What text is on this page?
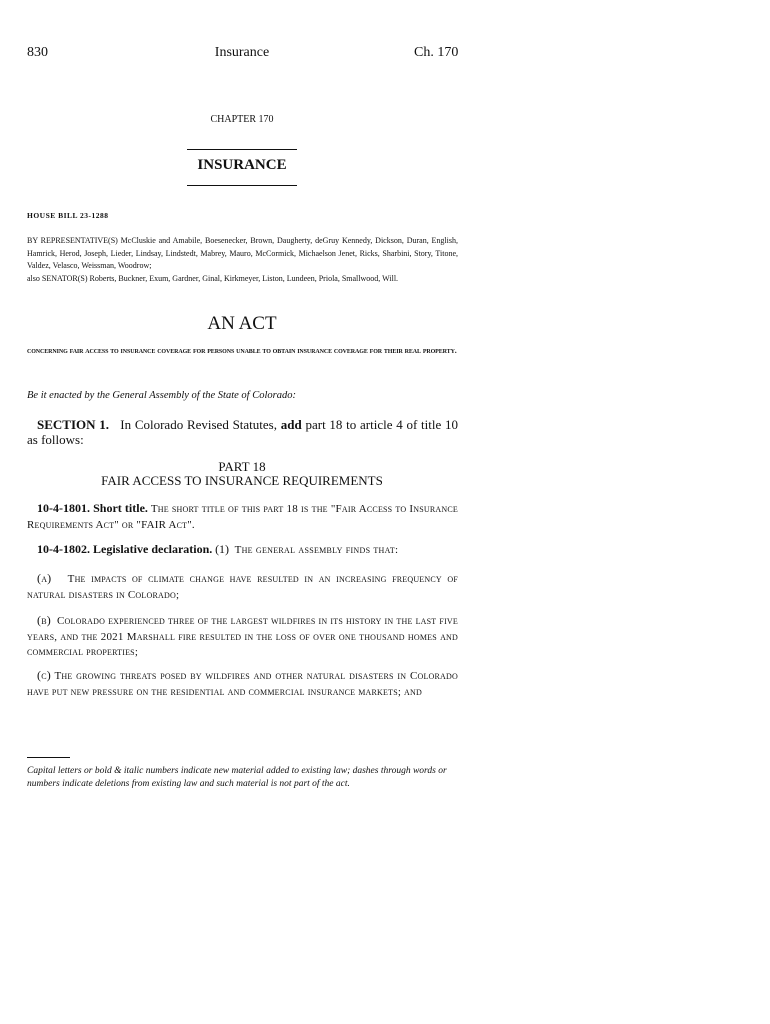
830	Insurance	Ch. 170
CHAPTER 170
INSURANCE
HOUSE BILL 23-1288
BY REPRESENTATIVE(S) McCluskie and Amabile, Boesenecker, Brown, Daugherty, deGruy Kennedy, Dickson, Duran, English, Hamrick, Herod, Joseph, Lieder, Lindsay, Lindstedt, Mabrey, Mauro, McCormick, Michaelson Jenet, Ricks, Sharbini, Story, Titone, Valdez, Velasco, Weissman, Woodrow;
also SENATOR(S) Roberts, Buckner, Exum, Gardner, Ginal, Kirkmeyer, Liston, Lundeen, Priola, Smallwood, Will.
AN ACT
concerning fair access to insurance coverage for persons unable to obtain insurance coverage for their real property.
Be it enacted by the General Assembly of the State of Colorado:
SECTION 1. In Colorado Revised Statutes, add part 18 to article 4 of title 10 as follows:
PART 18
FAIR ACCESS TO INSURANCE REQUIREMENTS
10-4-1801. Short title. The short title of this part 18 is the "Fair Access to Insurance Requirements Act" or "FAIR Act".
10-4-1802. Legislative declaration. (1) The general assembly finds that:
(a) The impacts of climate change have resulted in an increasing frequency of natural disasters in Colorado;
(b) Colorado experienced three of the largest wildfires in its history in the last five years, and the 2021 Marshall fire resulted in the loss of over one thousand homes and commercial properties;
(c) The growing threats posed by wildfires and other natural disasters in Colorado have put new pressure on the residential and commercial insurance markets; and
Capital letters or bold & italic numbers indicate new material added to existing law; dashes through words or numbers indicate deletions from existing law and such material is not part of the act.
